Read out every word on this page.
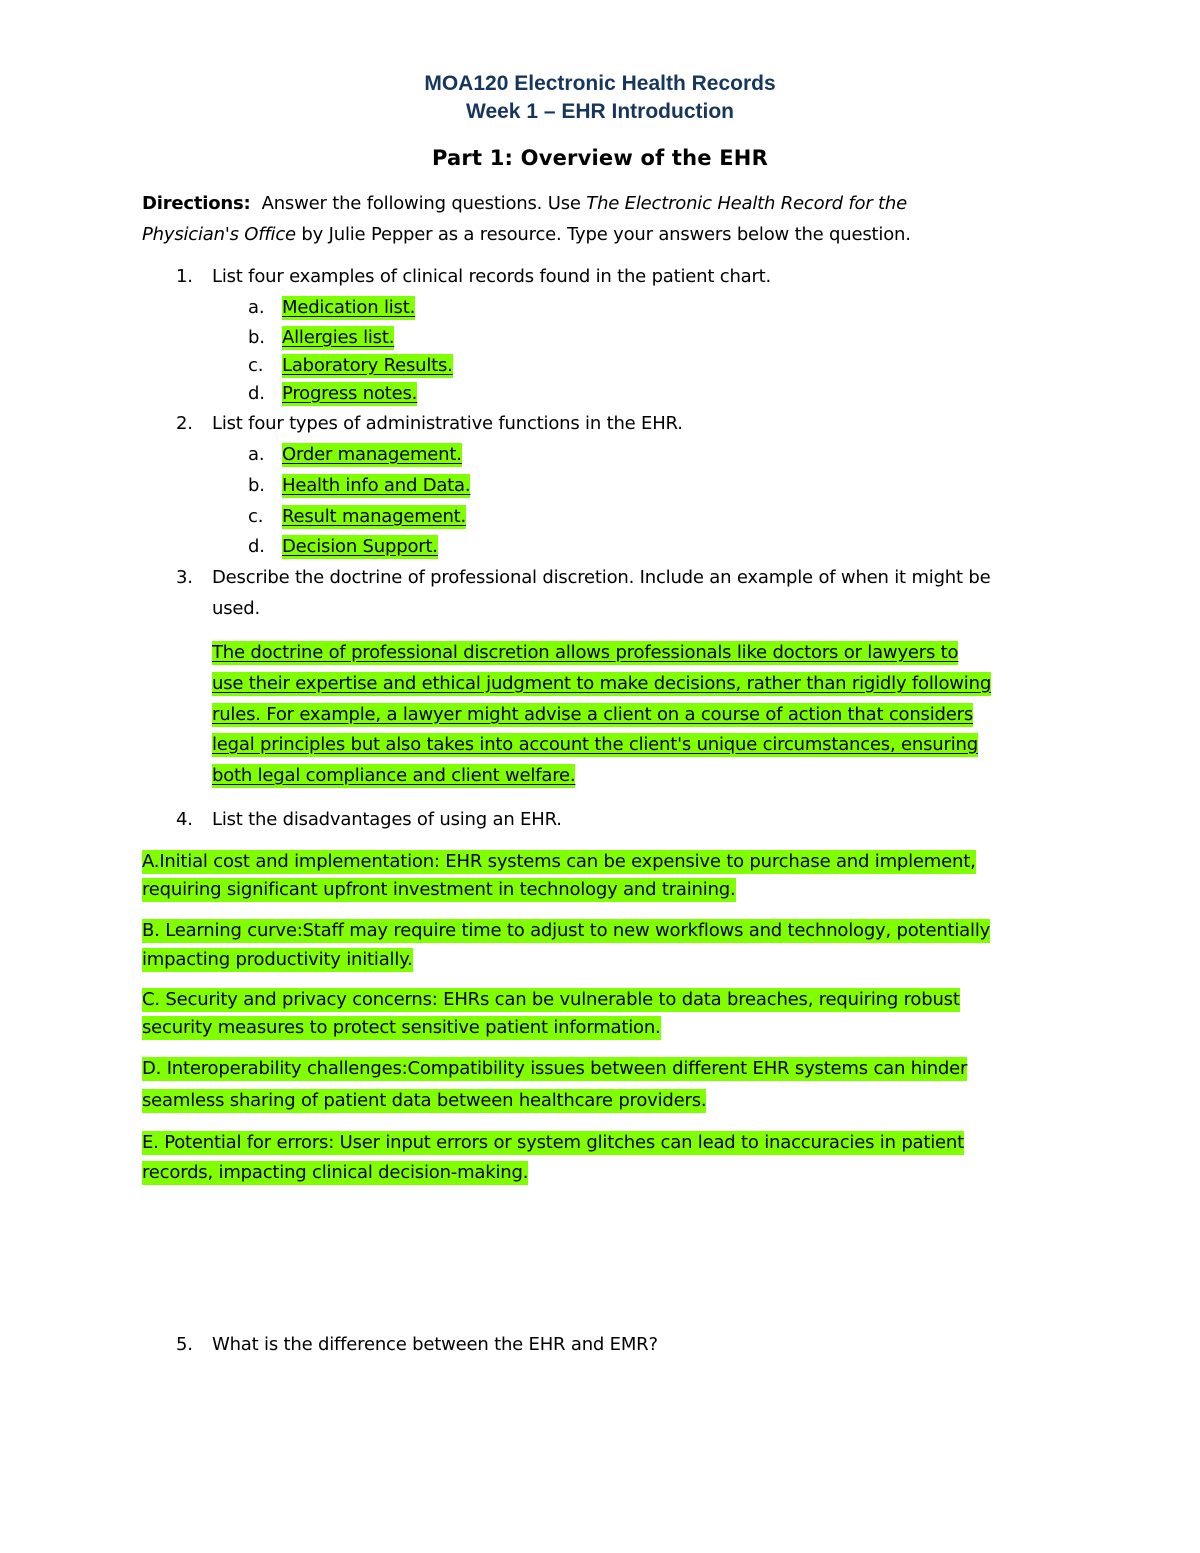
MOA120 Electronic Health Records
Week 1 – EHR Introduction
Part 1: Overview of the EHR
Directions: Answer the following questions. Use The Electronic Health Record for the
Physician's Office by Julie Pepper as a resource. Type your answers below the question.
1. List four examples of clinical records found in the patient chart.
a. Medication list.
b. Allergies list.
c. Laboratory Results.
d. Progress notes.
2. List four types of administrative functions in the EHR.
a. Order management.
b. Health info and Data.
c. Result management.
d. Decision Support.
3. Describe the doctrine of professional discretion. Include an example of when it might be
used.
The doctrine of professional discretion allows professionals like doctors or lawyers to
use their expertise and ethical judgment to make decisions, rather than rigidly following
rules. For example, a lawyer might advise a client on a course of action that considers
legal principles but also takes into account the client's unique circumstances, ensuring
both legal compliance and client welfare.
4. List the disadvantages of using an EHR.
A.Initial cost and implementation: EHR systems can be expensive to purchase and implement,
requiring significant upfront investment in technology and training.
B. Learning curve:Staff may require time to adjust to new workflows and technology, potentially
impacting productivity initially.
C. Security and privacy concerns: EHRs can be vulnerable to data breaches, requiring robust
security measures to protect sensitive patient information.
D. Interoperability challenges:Compatibility issues between different EHR systems can hinder
seamless sharing of patient data between healthcare providers.
E. Potential for errors: User input errors or system glitches can lead to inaccuracies in patient
records, impacting clinical decision-making.
5. What is the difference between the EHR and EMR?
